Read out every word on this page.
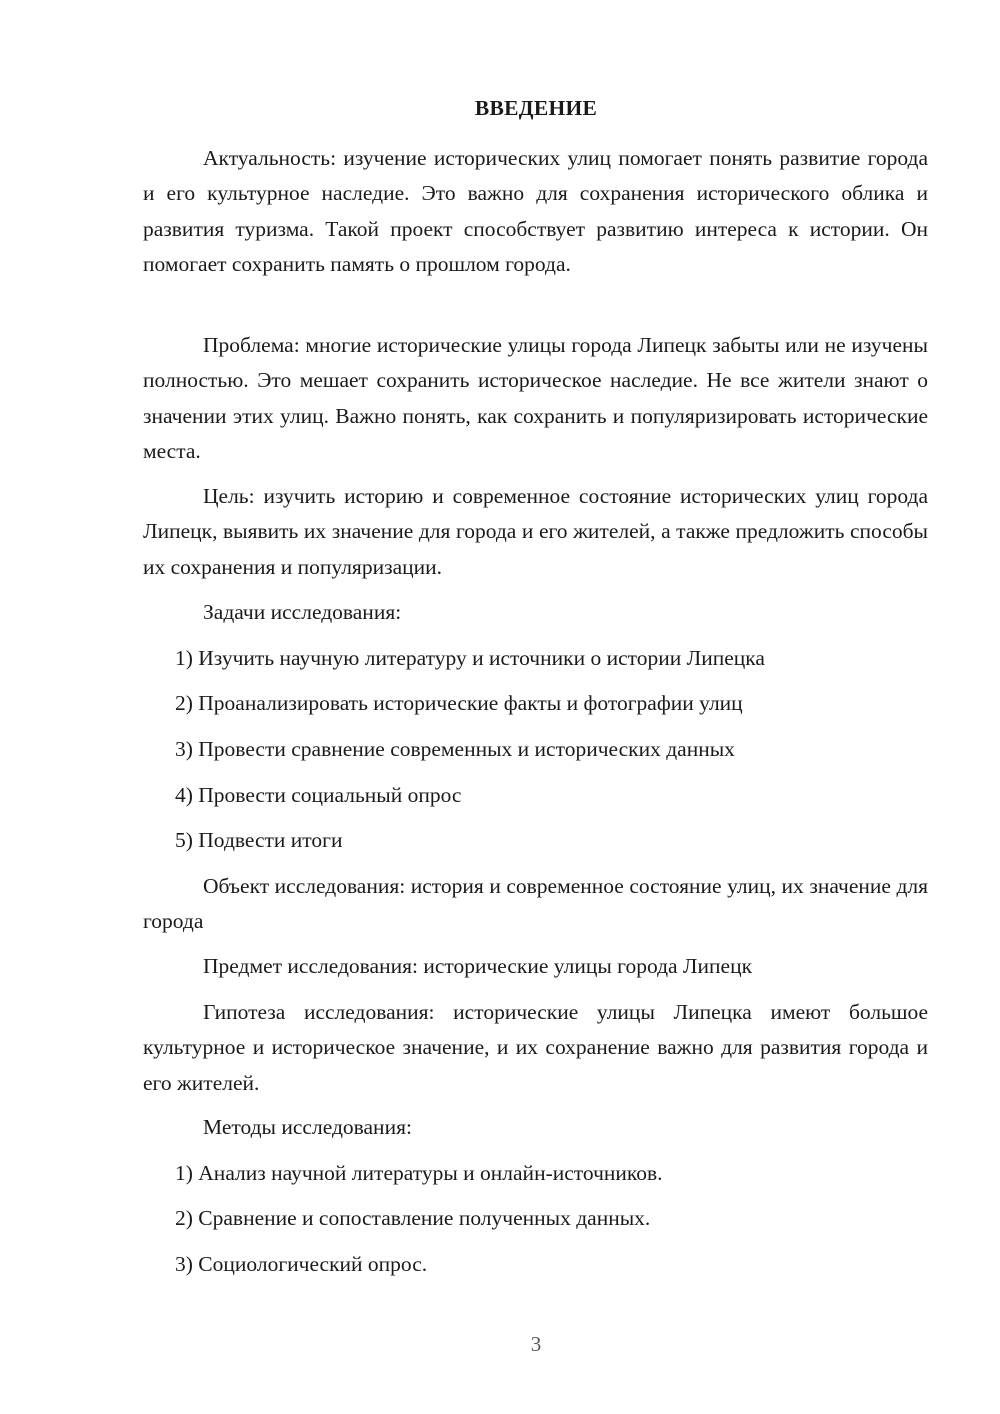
ВВЕДЕНИЕ

Актуальность: изучение исторических улиц помогает понять развитие города и его культурное наследие. Это важно для сохранения исторического облика и развития туризма. Такой проект способствует развитию интереса к истории. Он помогает сохранить память о прошлом города.

Проблема: многие исторические улицы города Липецк забыты или не изучены полностью. Это мешает сохранить историческое наследие. Не все жители знают о значении этих улиц. Важно понять, как сохранить и популяризировать исторические места.

Цель: изучить историю и современное состояние исторических улиц города Липецк, выявить их значение для города и его жителей, а также предложить способы их сохранения и популяризации.

Задачи исследования:
1) Изучить научную литературу и источники о истории Липецка
2) Проанализировать исторические факты и фотографии улиц
3) Провести сравнение современных и исторических данных
4) Провести социальный опрос
5) Подвести итоги

Объект исследования: история и современное состояние улиц, их значение для города

Предмет исследования: исторические улицы города Липецк

Гипотеза исследования: исторические улицы Липецка имеют большое культурное и историческое значение, и их сохранение важно для развития города и его жителей.

Методы исследования:
1) Анализ научной литературы и онлайн-источников.
2) Сравнение и сопоставление полученных данных.
3) Социологический опрос.
3
